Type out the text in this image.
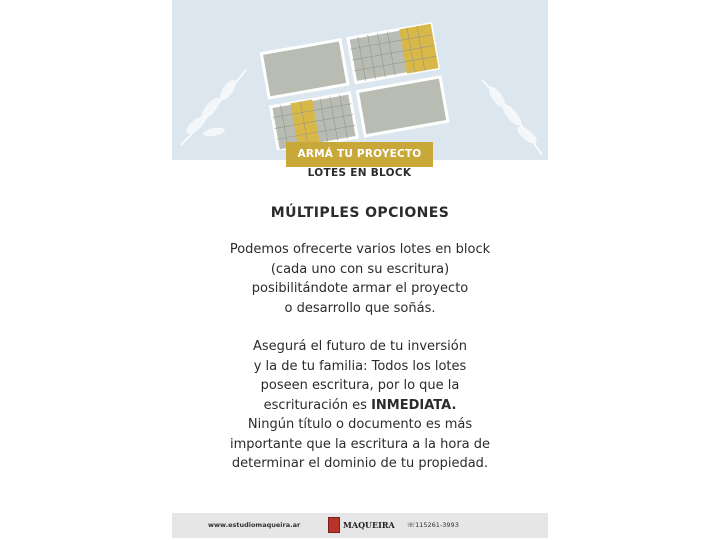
ARMÁ TU PROYECTO
LOTES EN BLOCK
MÚLTIPLES OPCIONES
Podemos ofrecerte varios lotes en block
(cada uno con su escritura)
posibilitándote armar el proyecto
o desarrollo que soñás.
Asegurá el futuro de tu inversión
y la de tu familia: Todos los lotes
poseen escritura, por lo que la
escrituración es INMEDIATA.
Ningún título o documento es más
importante que la escritura a la hora de
determinar el dominio de tu propiedad.
www.estudiomaqueira.ar	MAQUEIRA ☏115261-3993
